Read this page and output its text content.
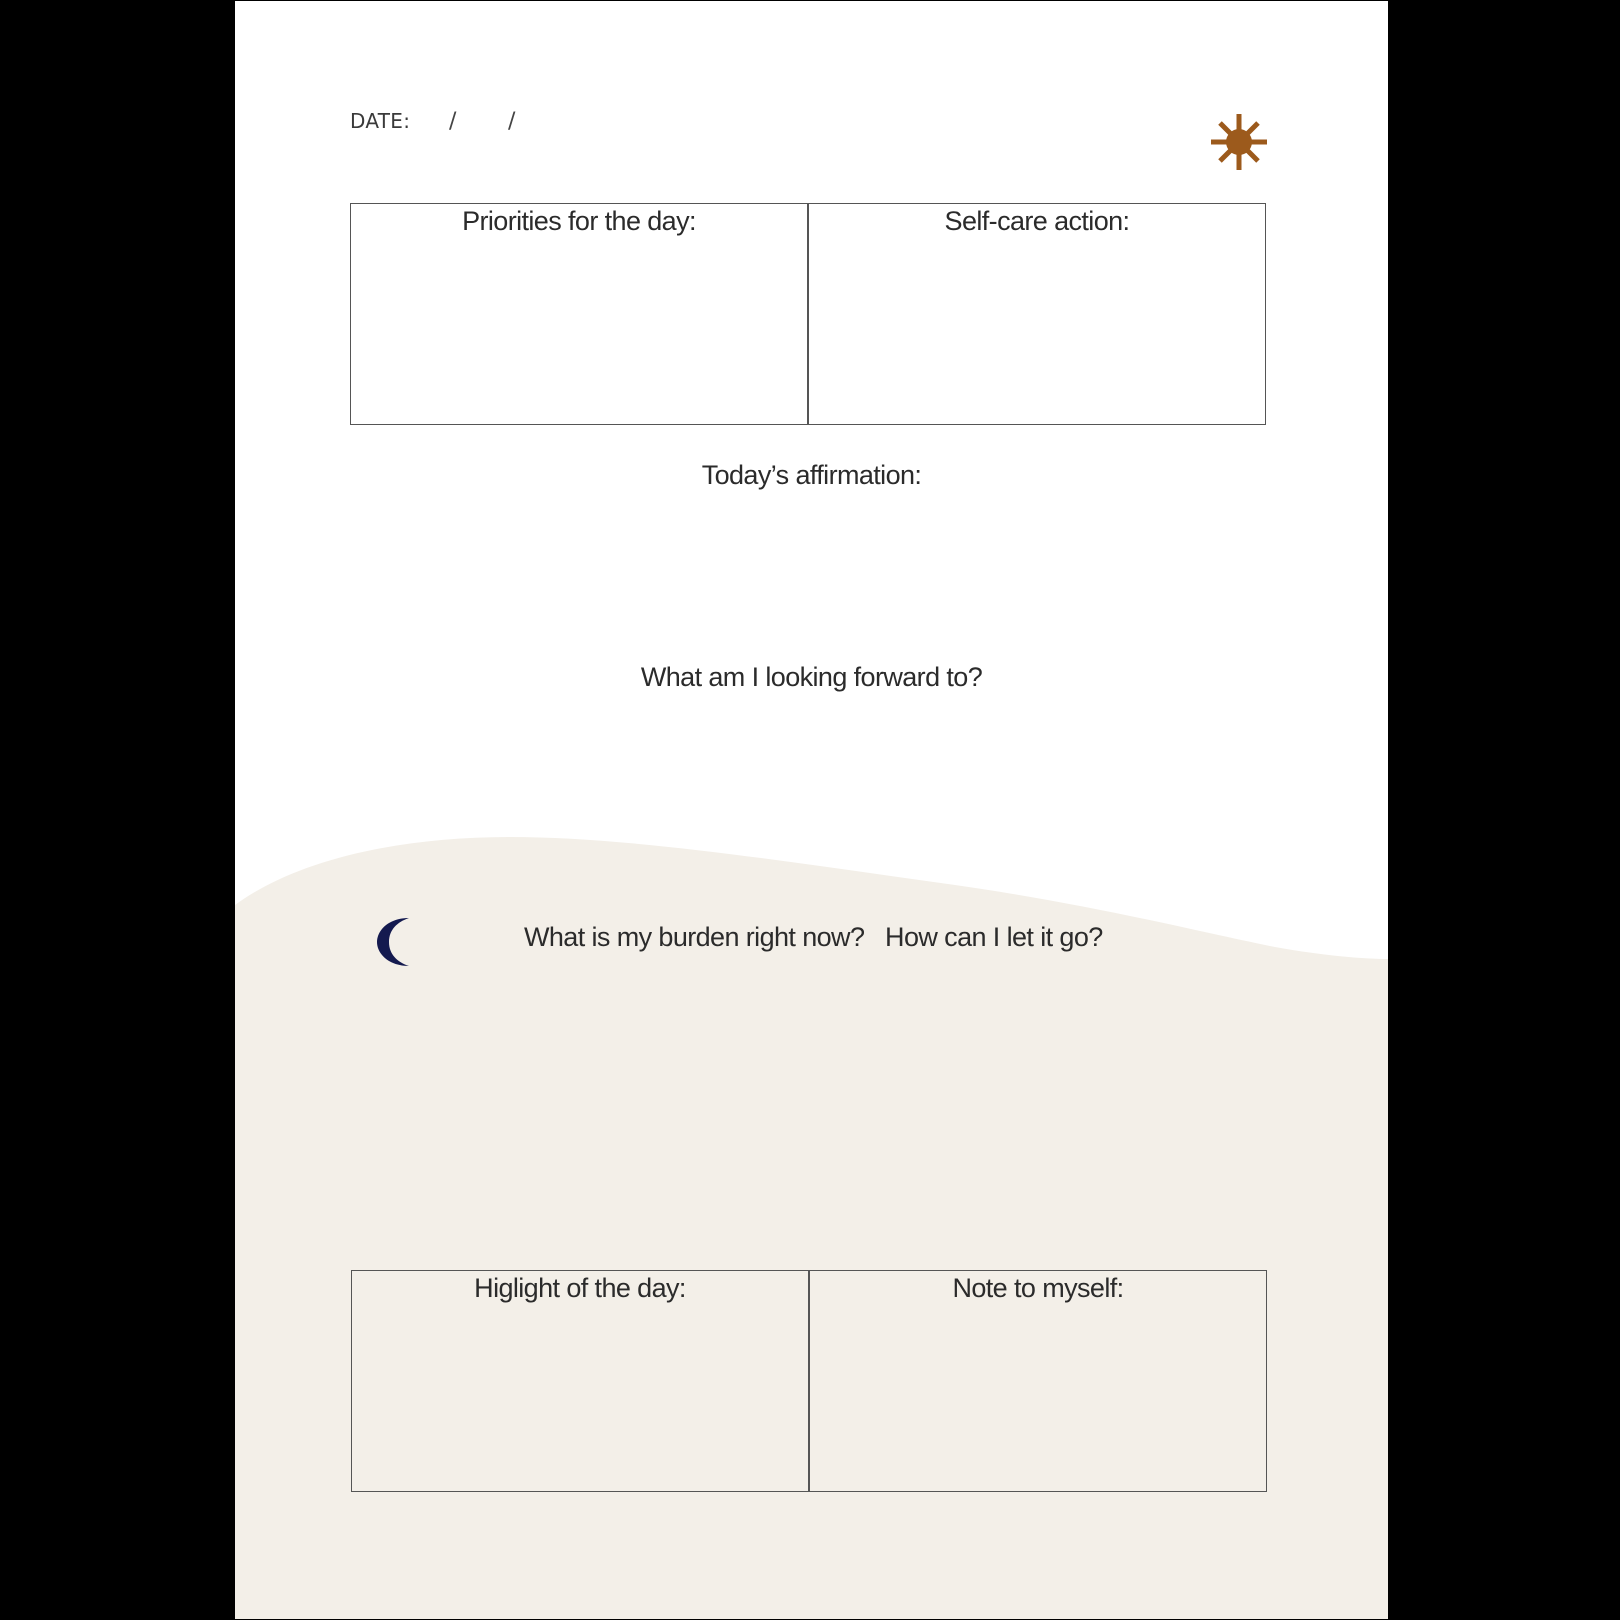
DATE: / /
Priorities for the day:	Self-care action:
Today’s affirmation:
What am I looking forward to?
What is my burden right now?   How can I let it go?
Higlight of the day:	Note to myself:
